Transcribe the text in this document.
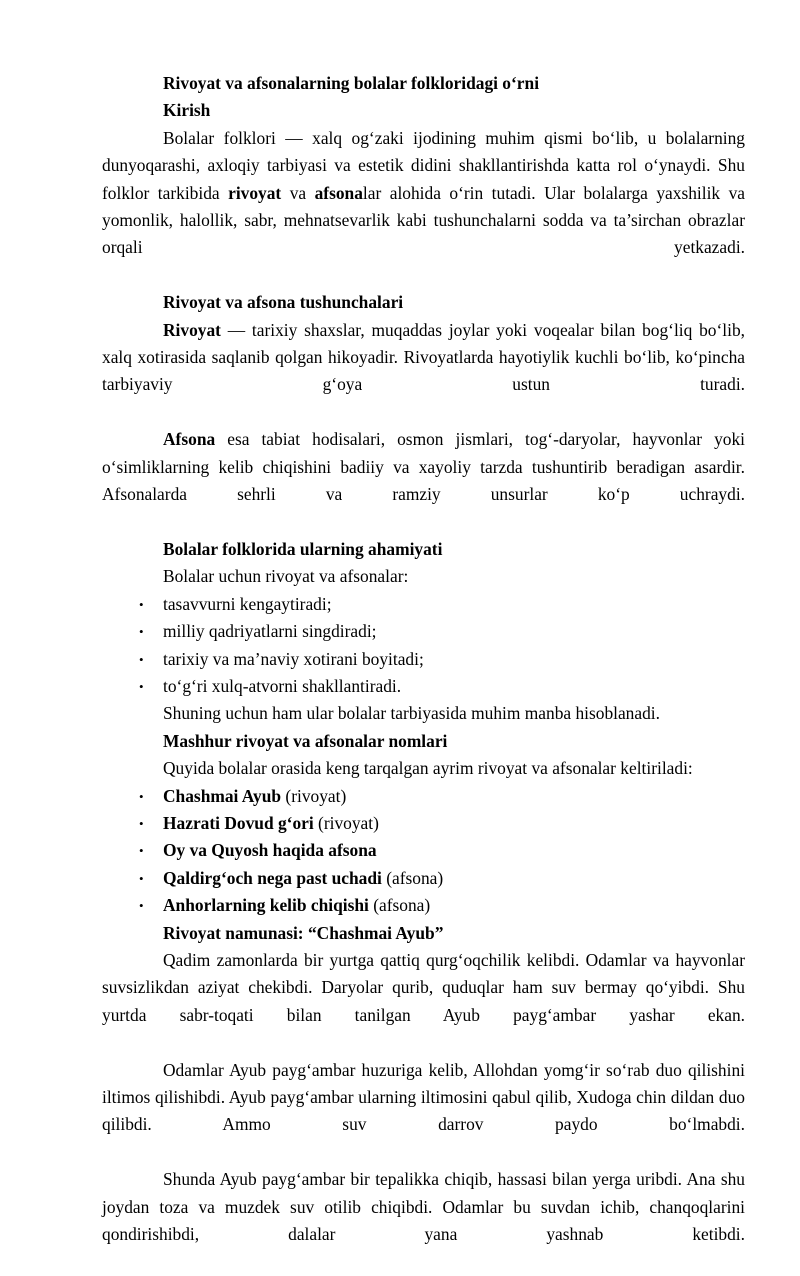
Rivoyat va afsonalarning bolalar folkloridagi o‘rni

Kirish

Bolalar folklori — xalq og‘zaki ijodining muhim qismi bo‘lib, u bolalarning dunyoqarashi, axloqiy tarbiyasi va estetik didini shakllantirishda katta rol o‘ynaydi. Shu folklor tarkibida rivoyat va afsonalar alohida o‘rin tutadi. Ular bolalarga yaxshilik va yomonlik, halollik, sabr, mehnatsevarlik kabi tushunchalarni sodda va ta’sirchan obrazlar orqali yetkazadi.

Rivoyat va afsona tushunchalari

Rivoyat — tarixiy shaxslar, muqaddas joylar yoki voqealar bilan bog‘liq bo‘lib, xalq xotirasida saqlanib qolgan hikoyadir. Rivoyatlarda hayotiylik kuchli bo‘lib, ko‘pincha tarbiyaviy g‘oya ustun turadi.

Afsona esa tabiat hodisalari, osmon jismlari, tog‘-daryolar, hayvonlar yoki o‘simliklarning kelib chiqishini badiiy va xayoliy tarzda tushuntirib beradigan asardir. Afsonalarda sehrli va ramziy unsurlar ko‘p uchraydi.

Bolalar folklorida ularning ahamiyati

Bolalar uchun rivoyat va afsonalar:

• tasavvurni kengaytiradi;
• milliy qadriyatlarni singdiradi;
• tarixiy va ma’naviy xotirani boyitadi;
• to‘g‘ri xulq-atvorni shakllantiradi.

Shuning uchun ham ular bolalar tarbiyasida muhim manba hisoblanadi.

Mashhur rivoyat va afsonalar nomlari

Quyida bolalar orasida keng tarqalgan ayrim rivoyat va afsonalar keltiriladi:

• Chashmai Ayub (rivoyat)
• Hazrati Dovud g‘ori (rivoyat)
• Oy va Quyosh haqida afsona
• Qaldirg‘och nega past uchadi (afsona)
• Anhorlarning kelib chiqishi (afsona)

Rivoyat namunasi: “Chashmai Ayub”

Qadim zamonlarda bir yurtga qattiq qurg‘oqchilik kelibdi. Odamlar va hayvonlar suvsizlikdan aziyat chekibdi. Daryolar qurib, quduqlar ham suv bermay qo‘yibdi. Shu yurtda sabr-toqati bilan tanilgan Ayub payg‘ambar yashar ekan.

Odamlar Ayub payg‘ambar huzuriga kelib, Allohdan yomg‘ir so‘rab duo qilishini iltimos qilishibdi. Ayub payg‘ambar ularning iltimosini qabul qilib, Xudoga chin dildan duo qilibdi. Ammo suv darrov paydo bo‘lmabdi.

Shunda Ayub payg‘ambar bir tepalikka chiqib, hassasi bilan yerga uribdi. Ana shu joydan toza va muzdek suv otilib chiqibdi. Odamlar bu suvdan ichib, chanqoqlarini qondirishibdi, dalalar yana yashnab ketibdi.
